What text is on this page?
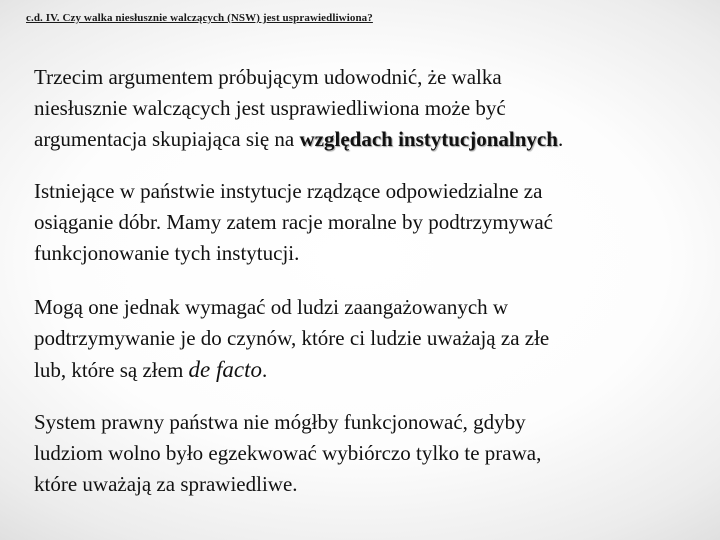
c.d. IV. Czy walka niesłusznie walczących (NSW) jest usprawiedliwiona?

Trzecim argumentem próbującym udowodnić, że walka
niesłusznie walczących jest usprawiedliwiona może być
argumentacja skupiająca się na względach instytucjonalnych.

Istniejące w państwie instytucje rządzące odpowiedzialne za
osiąganie dóbr. Mamy zatem racje moralne by podtrzymywać
funkcjonowanie tych instytucji.

Mogą one jednak wymagać od ludzi zaangażowanych w
podtrzymywanie je do czynów, które ci ludzie uważają za złe
lub, które są złem de facto.

System prawny państwa nie mógłby funkcjonować, gdyby
ludziom wolno było egzekwować wybiórczo tylko te prawa,
które uważają za sprawiedliwe.
